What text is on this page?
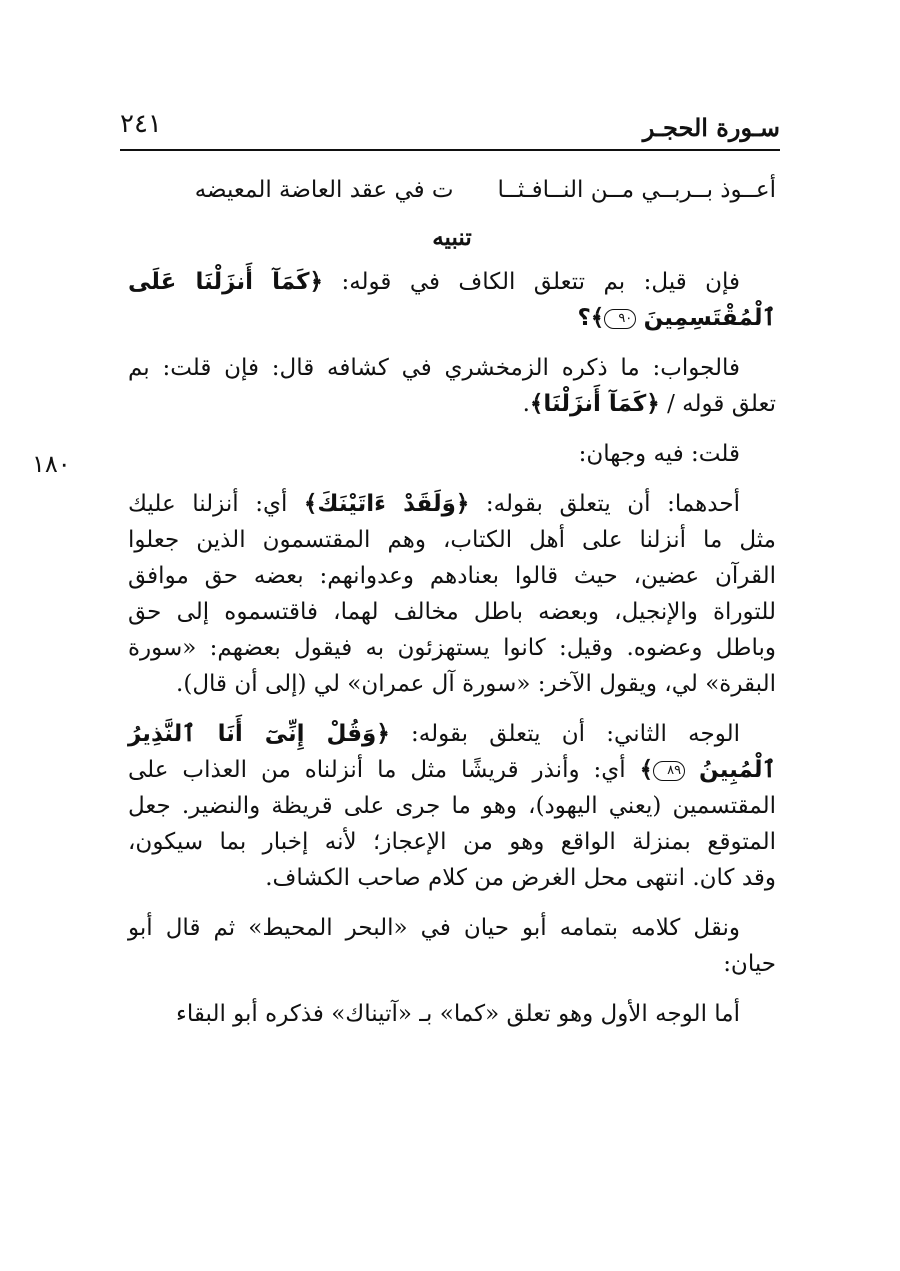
سـورة الحجـر
٢٤١
١٨٠
أعــوذ بــربــي مــن النــافـثــا      ت في عقد العاضة المعيضه
تنبيه
فإن قيل: بم تتعلق الكاف في قوله: ﴿كَمَآ أَنزَلْنَا عَلَى
ٱلْمُقْتَسِمِينَ ٩٠﴾؟
فالجواب: ما ذكره الزمخشري في كشافه قال: فإن قلت: بم
تعلق قوله / ﴿كَمَآ أَنزَلْنَا﴾.
قلت: فيه وجهان:
أحدهما: أن يتعلق بقوله: ﴿وَلَقَدْ ءَاتَيْنَكَ﴾ أي: أنزلنا عليك
مثل ما أنزلنا على أهل الكتاب، وهم المقتسمون الذين جعلوا
القرآن عضين، حيث قالوا بعنادهم وعدوانهم: بعضه حق موافق
للتوراة والإنجيل، وبعضه باطل مخالف لهما، فاقتسموه إلى حق
وباطل وعضوه. وقيل: كانوا يستهزئون به فيقول بعضهم: «سورة
البقرة» لي، ويقول الآخر: «سورة آل عمران» لي (إلى أن قال).
الوجه الثاني: أن يتعلق بقوله: ﴿وَقُلْ إِنِّىٓ أَنَا ٱلنَّذِيرُ
ٱلْمُبِينُ ٨٩﴾ أي: وأنذر قريشًا مثل ما أنزلناه من العذاب على
المقتسمين (يعني اليهود)، وهو ما جرى على قريظة والنضير. جعل
المتوقع بمنزلة الواقع وهو من الإعجاز؛ لأنه إخبار بما سيكون،
وقد كان. انتهى محل الغرض من كلام صاحب الكشاف.
ونقل كلامه بتمامه أبو حيان في «البحر المحيط» ثم قال أبو
حيان:
أما الوجه الأول وهو تعلق «كما» بـ «آتيناك» فذكره أبو البقاء
